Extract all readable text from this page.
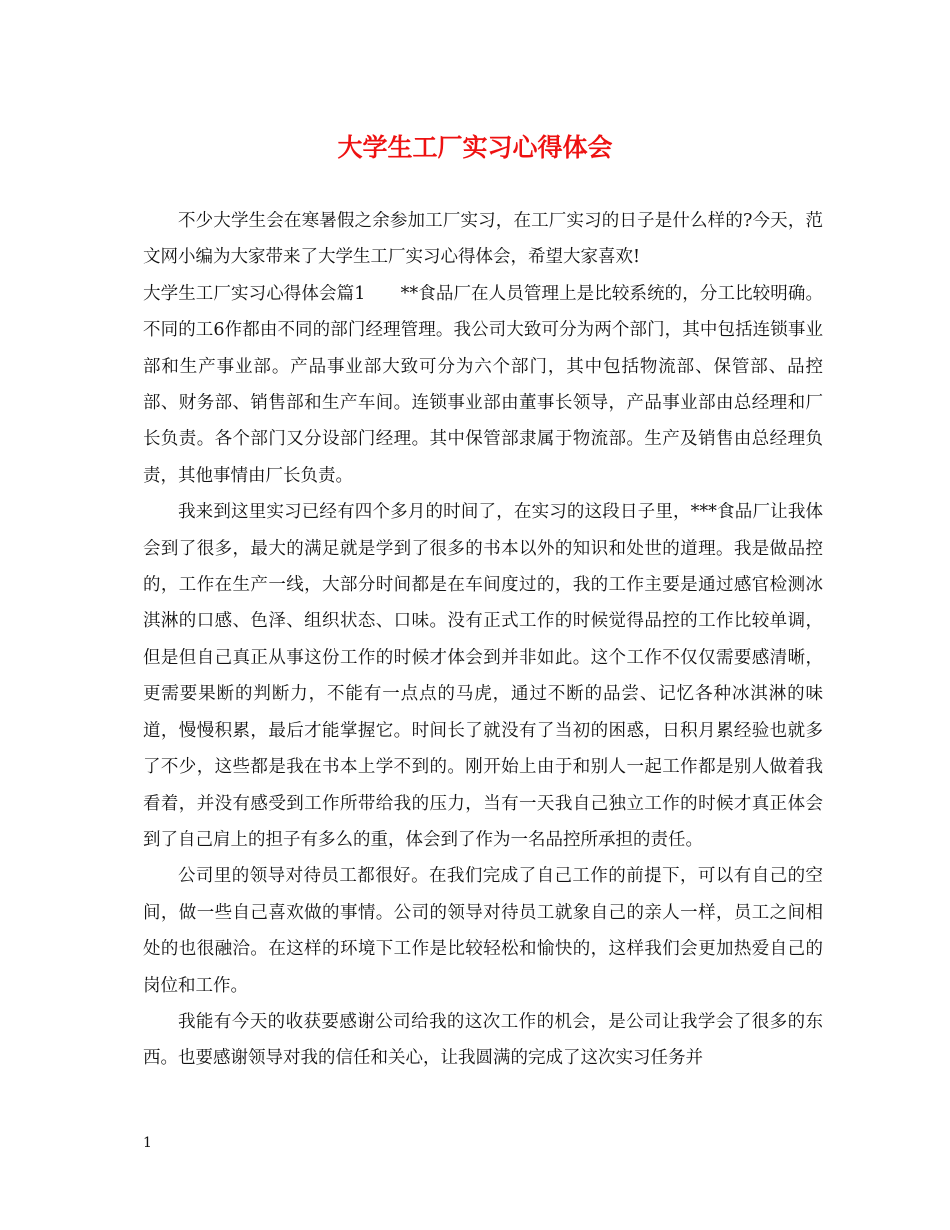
大学生工厂实习心得体会

不少大学生会在寒暑假之余参加工厂实习，在工厂实习的日子是什么样的?今天，范文网小编为大家带来了大学生工厂实习心得体会，希望大家喜欢!

大学生工厂实习心得体会篇1　　**食品厂在人员管理上是比较系统的，分工比较明确。不同的工6作都由不同的部门经理管理。我公司大致可分为两个部门，其中包括连锁事业部和生产事业部。产品事业部大致可分为六个部门，其中包括物流部、保管部、品控部、财务部、销售部和生产车间。连锁事业部由董事长领导，产品事业部由总经理和厂长负责。各个部门又分设部门经理。其中保管部隶属于物流部。生产及销售由总经理负责，其他事情由厂长负责。

我来到这里实习已经有四个多月的时间了，在实习的这段日子里，***食品厂让我体会到了很多，最大的满足就是学到了很多的书本以外的知识和处世的道理。我是做品控的，工作在生产一线，大部分时间都是在车间度过的，我的工作主要是通过感官检测冰淇淋的口感、色泽、组织状态、口味。没有正式工作的时候觉得品控的工作比较单调，但是但自己真正从事这份工作的时候才体会到并非如此。这个工作不仅仅需要感清晰，更需要果断的判断力，不能有一点点的马虎，通过不断的品尝、记忆各种冰淇淋的味道，慢慢积累，最后才能掌握它。时间长了就没有了当初的困惑，日积月累经验也就多了不少，这些都是我在书本上学不到的。刚开始上由于和别人一起工作都是别人做着我看着，并没有感受到工作所带给我的压力，当有一天我自己独立工作的时候才真正体会到了自己肩上的担子有多么的重，体会到了作为一名品控所承担的责任。

公司里的领导对待员工都很好。在我们完成了自己工作的前提下，可以有自己的空间，做一些自己喜欢做的事情。公司的领导对待员工就象自己的亲人一样，员工之间相处的也很融洽。在这样的环境下工作是比较轻松和愉快的，这样我们会更加热爱自己的岗位和工作。

我能有今天的收获要感谢公司给我的这次工作的机会，是公司让我学会了很多的东西。也要感谢领导对我的信任和关心，让我圆满的完成了这次实习任务并

1
